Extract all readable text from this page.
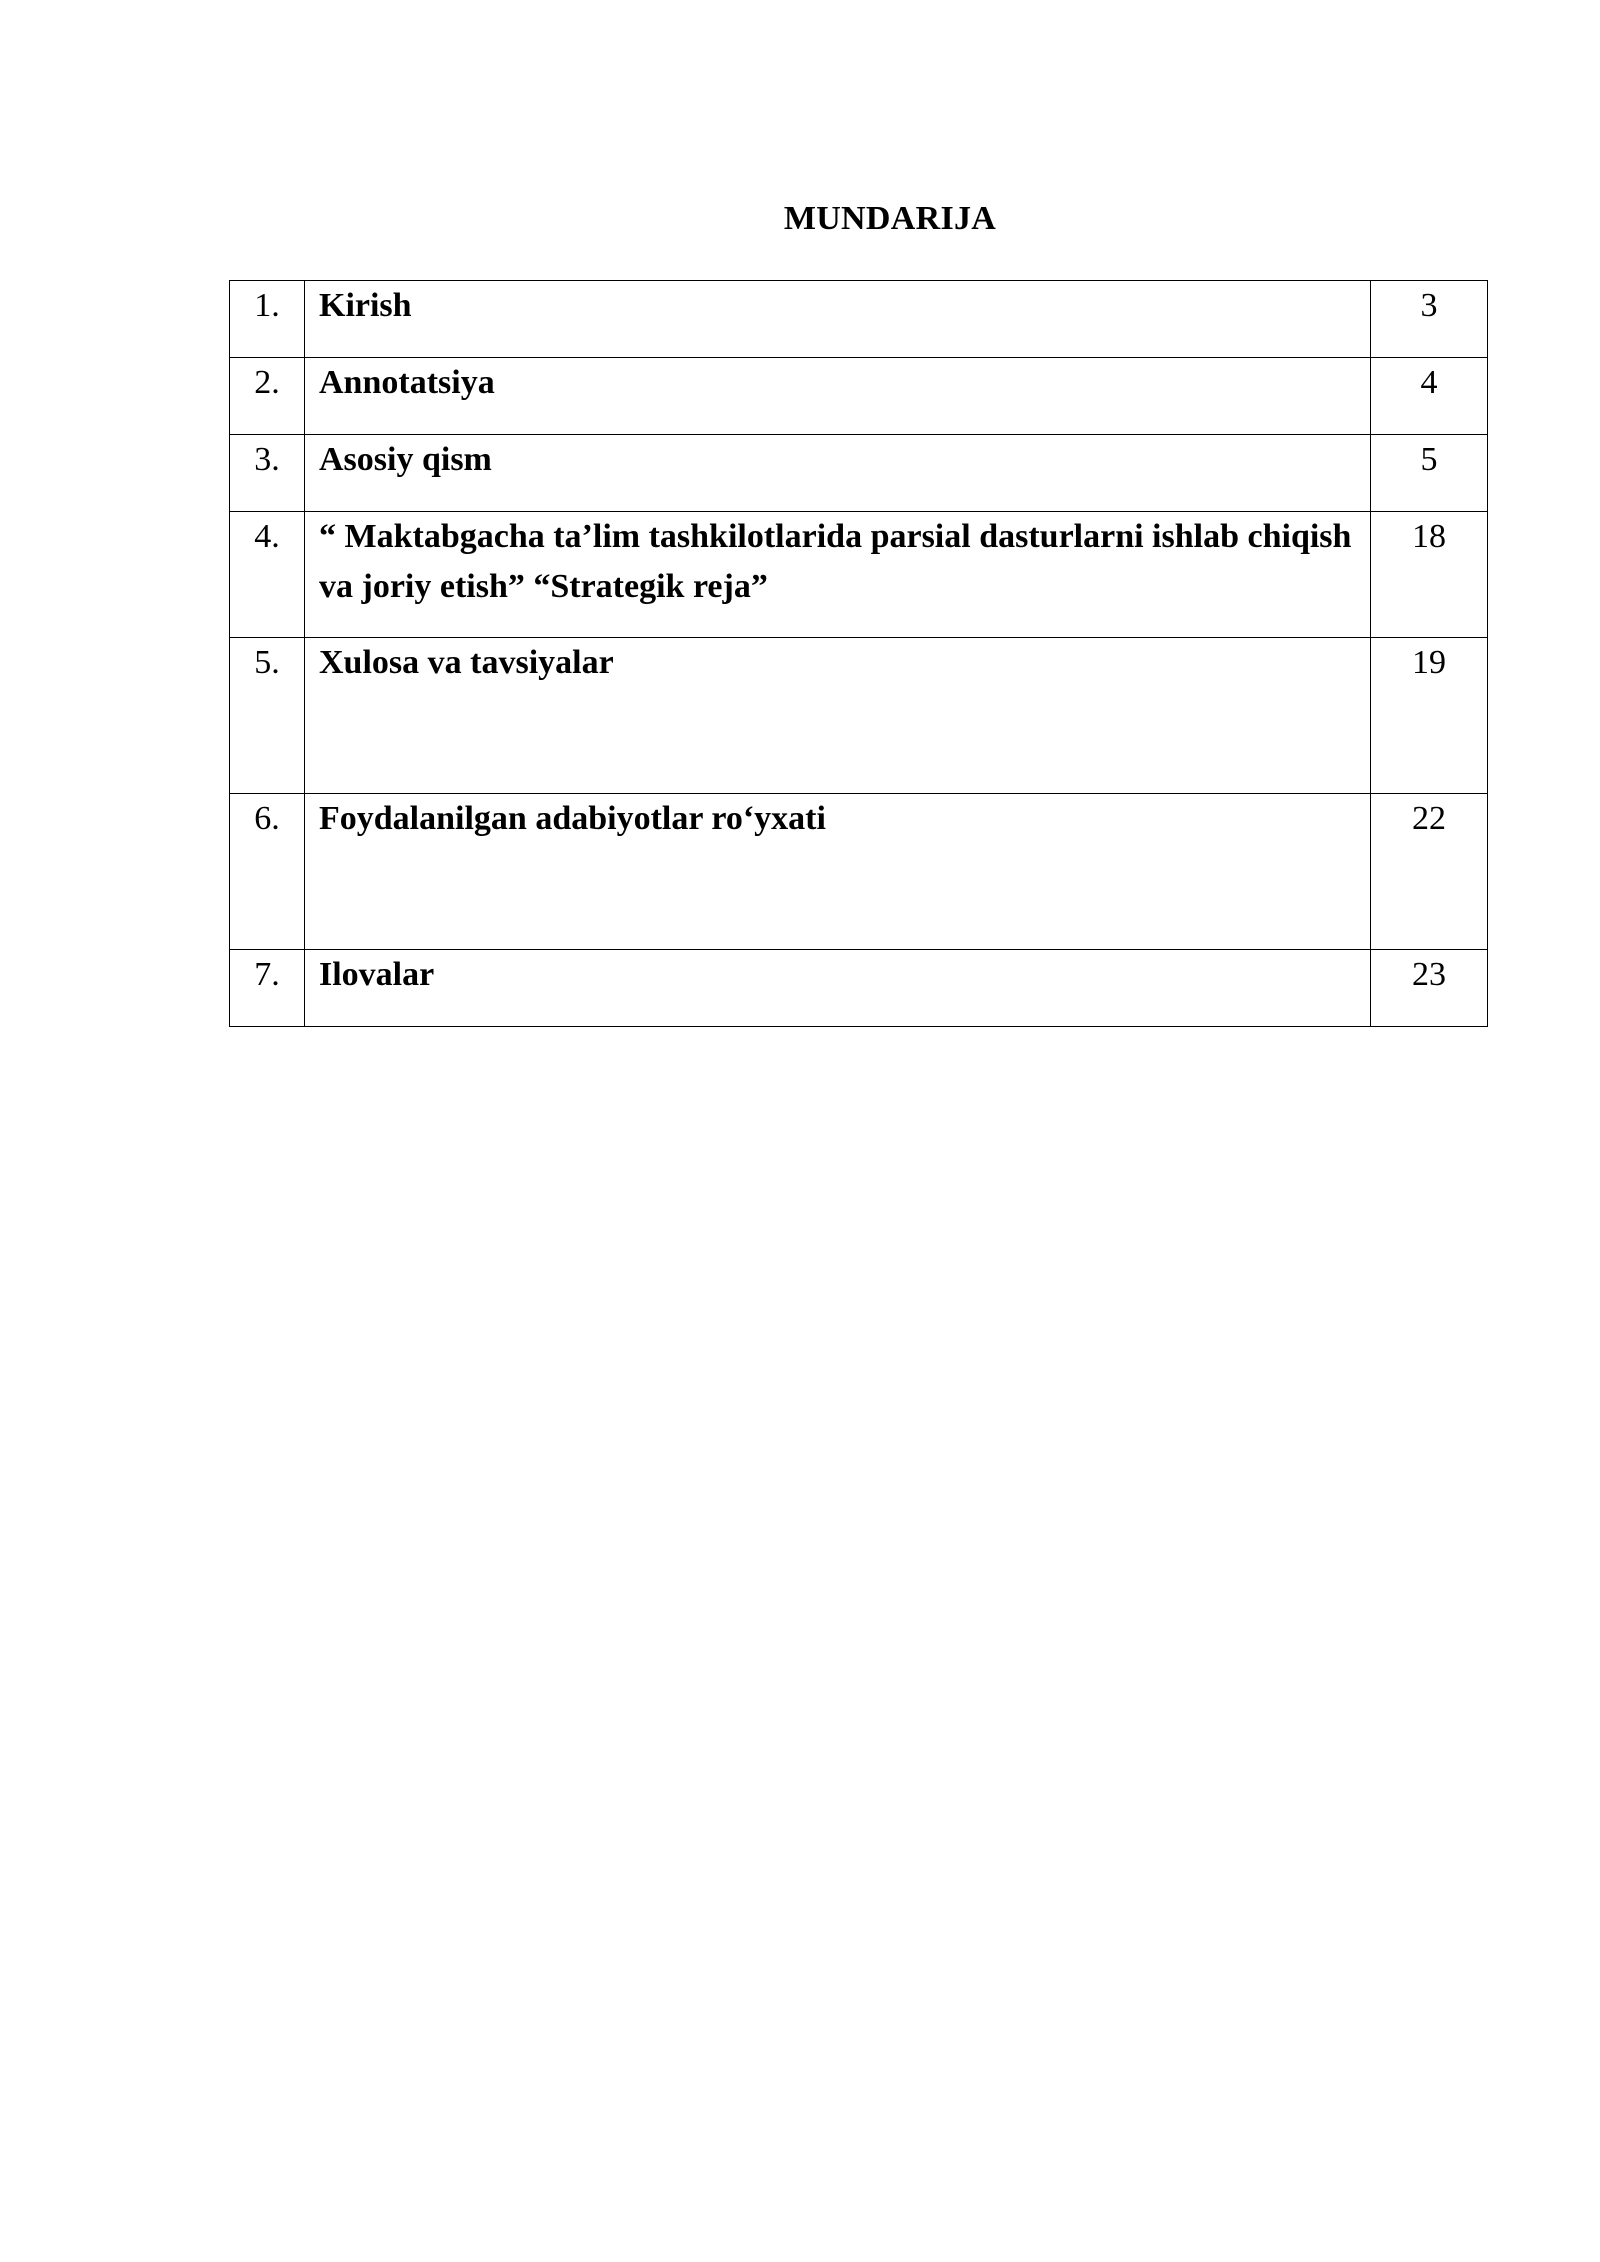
MUNDARIJA
1.	Kirish	3
2.	Annotatsiya	4
3.	Asosiy qism	5
4.	“ Maktabgacha ta’lim tashkilotlarida parsial dasturlarni ishlab chiqish va joriy etish” “Strategik reja”	18
5.	Xulosa va tavsiyalar	19
6.	Foydalanilgan adabiyotlar ro‘yxati	22
7.	Ilovalar	23
